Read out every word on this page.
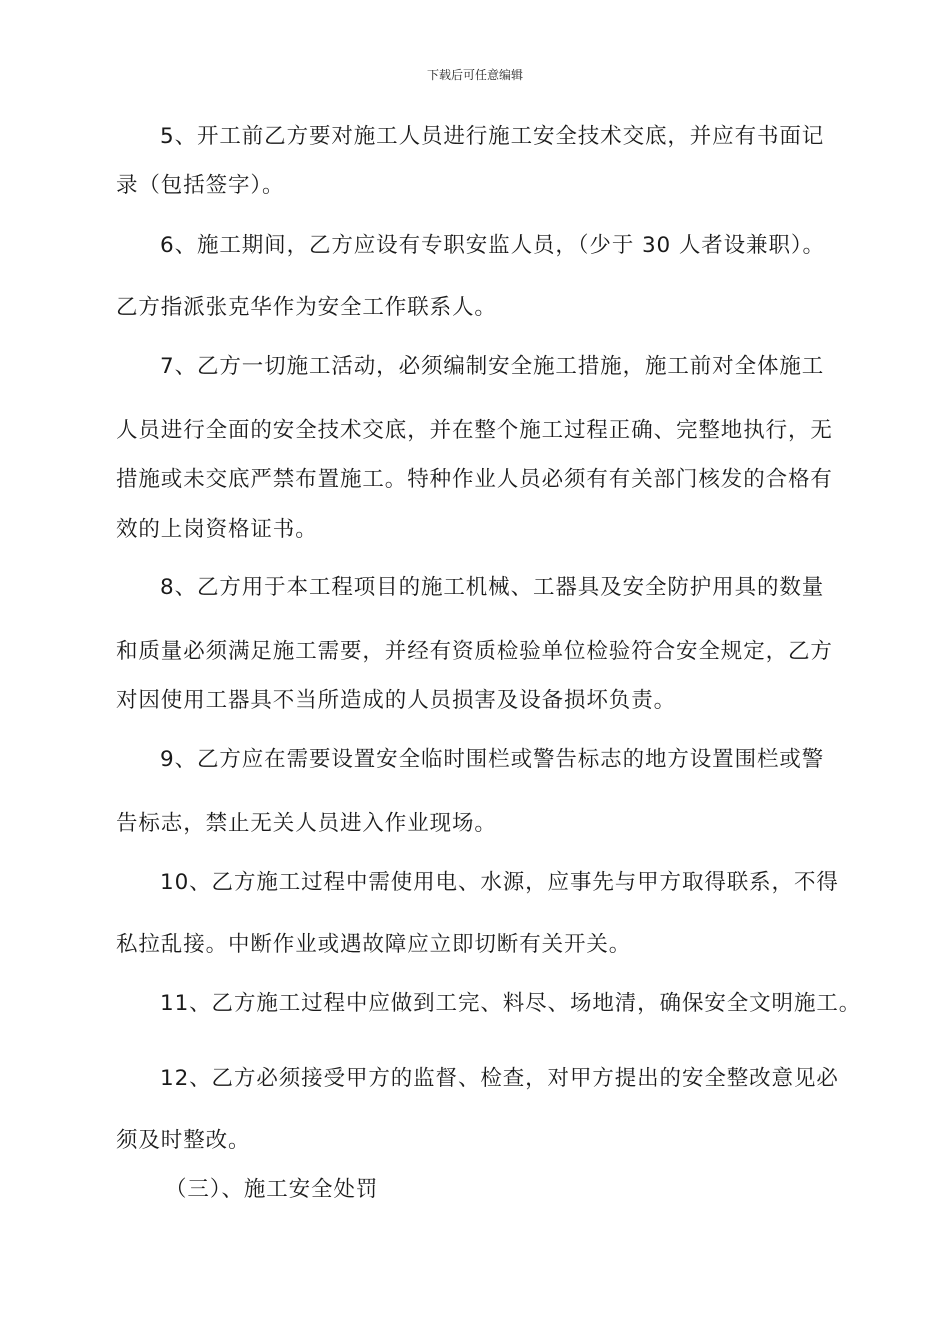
下载后可任意编辑
5、开工前乙方要对施工人员进行施工安全技术交底，并应有书面记
录（包括签字）。
6、施工期间，乙方应设有专职安监人员，（少于 30 人者设兼职）。
乙方指派张克华作为安全工作联系人。
7、乙方一切施工活动，必须编制安全施工措施，施工前对全体施工
人员进行全面的安全技术交底，并在整个施工过程正确、完整地执行，无
措施或未交底严禁布置施工。特种作业人员必须有有关部门核发的合格有
效的上岗资格证书。
8、乙方用于本工程项目的施工机械、工器具及安全防护用具的数量
和质量必须满足施工需要，并经有资质检验单位检验符合安全规定，乙方
对因使用工器具不当所造成的人员损害及设备损坏负责。
9、乙方应在需要设置安全临时围栏或警告标志的地方设置围栏或警
告标志，禁止无关人员进入作业现场。
10、乙方施工过程中需使用电、水源，应事先与甲方取得联系，不得
私拉乱接。中断作业或遇故障应立即切断有关开关。
11、乙方施工过程中应做到工完、料尽、场地清，确保安全文明施工。
12、乙方必须接受甲方的监督、检查，对甲方提出的安全整改意见必
须及时整改。
（三）、施工安全处罚
